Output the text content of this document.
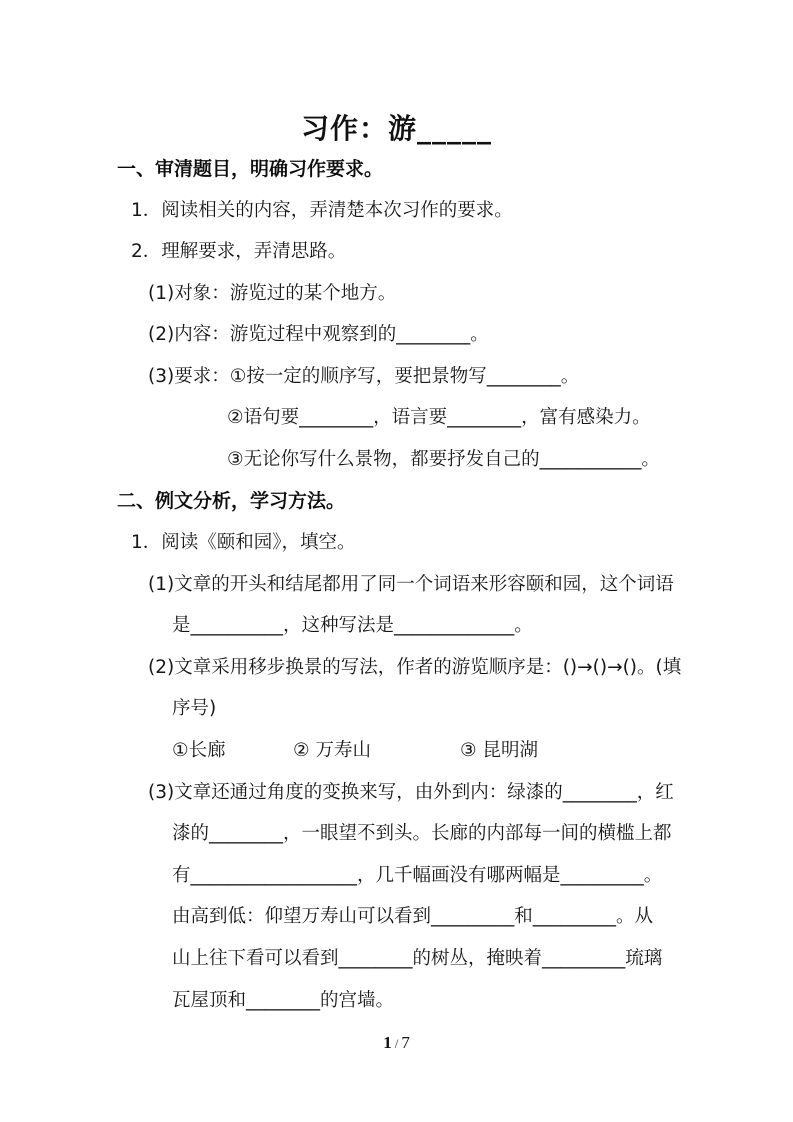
习作：游_____
一、审清题目，明确习作要求。
1．阅读相关的内容，弄清楚本次习作的要求。
2．理解要求，弄清思路。
(1)对象：游览过的某个地方。
(2)内容：游览过程中观察到的________。
(3)要求：①按一定的顺序写，要把景物写________。
②语句要________，语言要________，富有感染力。
③无论你写什么景物，都要抒发自己的___________。
二、例文分析，学习方法。
1．阅读《颐和园》，填空。
(1)文章的开头和结尾都用了同一个词语来形容颐和园，这个词语
是__________，这种写法是_____________。
(2)文章采用移步换景的写法，作者的游览顺序是：()→()→()。(填
序号)
①长廊	② 万寿山	③ 昆明湖
(3)文章还通过角度的变换来写，由外到内：绿漆的________，红
漆的________，一眼望不到头。长廊的内部每一间的横槛上都
有__________________，几千幅画没有哪两幅是_________。
由高到低：仰望万寿山可以看到_________和_________。从
山上往下看可以看到________的树丛，掩映着_________琉璃
瓦屋顶和________的宫墙。
1 / 7
